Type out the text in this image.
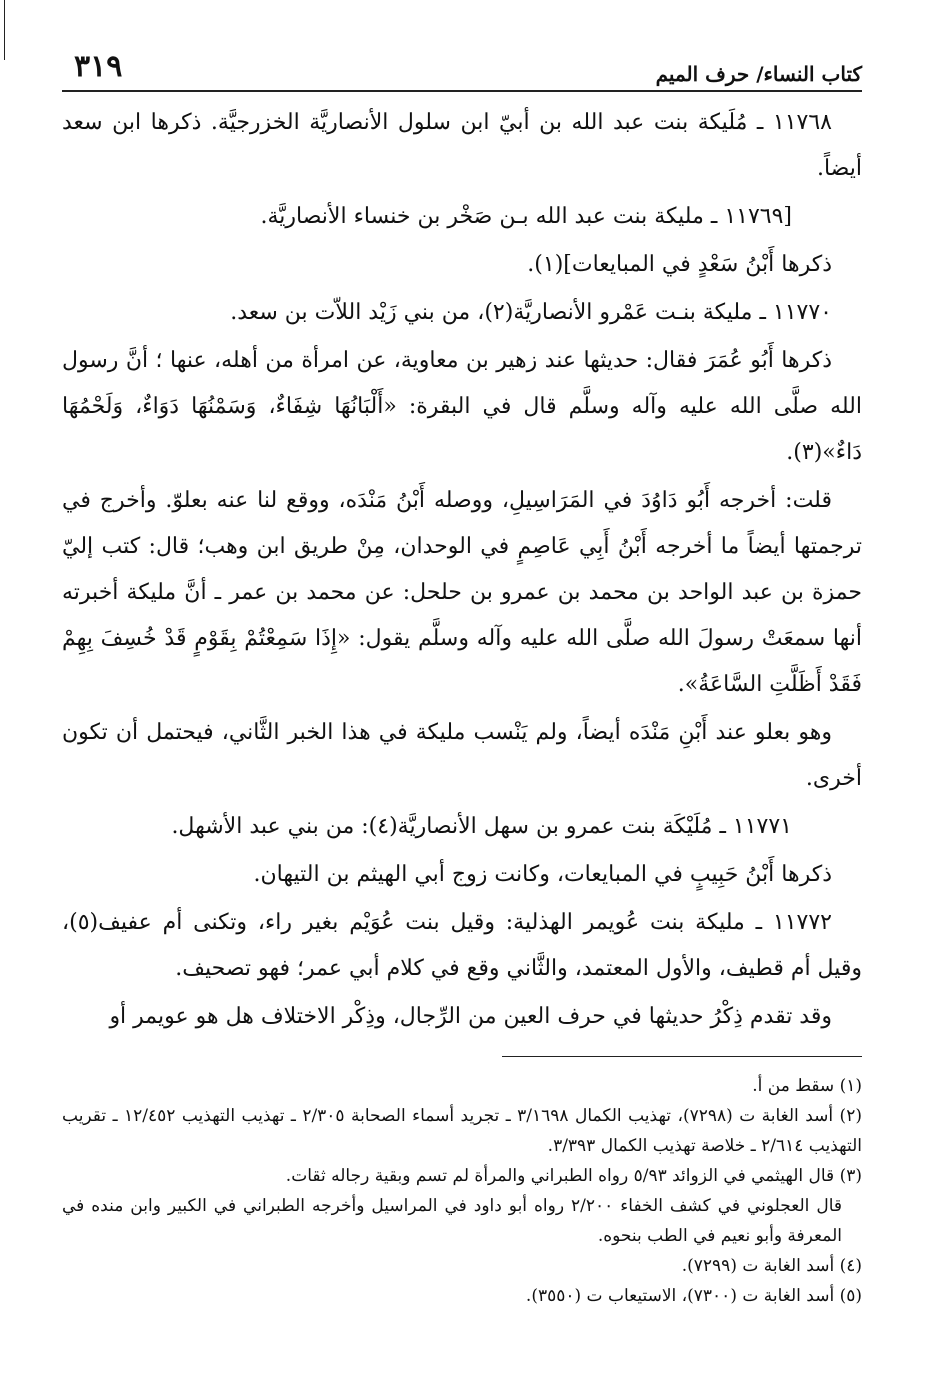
كتاب النساء/ حرف الميم
٣١٩

١١٧٦٨ ـ مُلَيكة بنت عبد الله بن أبيّ ابن سلول الأنصاريَّة الخزرجيَّة. ذكرها ابن سعد أيضاً.

[١١٧٦٩ ـ مليكة بنت عبد الله بـن صَخْر بن خنساء الأنصاريَّة.

ذكرها أَبْنُ سَعْدٍ في المبايعات](١).

١١٧٧٠ ـ مليكة بنـت عَمْرو الأنصاريَّة(٢)، من بني زَيْد اللاّت بن سعد.

ذكرها أَبُو عُمَرَ فقال: حديثها عند زهير بن معاوية، عن امرأة من أهله، عنها ؛ أنَّ رسول الله صلَّى الله عليه وآله وسلَّم قال في البقرة: «أَلْبَانُهَا شِفَاءٌ، وَسَمْنُهَا دَوَاءٌ، وَلَحْمُهَا دَاءٌ»(٣).

قلت: أخرجه أَبُو دَاوُدَ في المَرَاسِيلِ، ووصله أَبْنُ مَنْدَه، ووقع لنا عنه بعلوّ. وأخرج في ترجمتها أيضاً ما أخرجه أَبْنُ أَبِي عَاصِمٍ في الوحدان، مِنْ طريق ابن وهب؛ قال: كتب إليّ حمزة بن عبد الواحد بن محمد بن عمرو بن حلحل: عن محمد بن عمر ـ أنَّ مليكة أخبرته أنها سمعَتْ رسولَ الله صلَّى الله عليه وآله وسلَّم يقول: «إِذَا سَمِعْتُمْ بِقَوْمٍ قَدْ خُسِفَ بِهِمْ فَقَدْ أَظَلَّتِ السَّاعَةُ».

وهو بعلو عند أَبْنِ مَنْدَه أيضاً، ولم يَنْسب مليكة في هذا الخبر الثَّاني، فيحتمل أن تكون أخرى.

١١٧٧١ ـ مُلَيْكَة بنت عمرو بن سهل الأنصاريَّة(٤): من بني عبد الأشهل.

ذكرها أَبْنُ حَبِيبٍ في المبايعات، وكانت زوج أبي الهيثم بن التيهان.

١١٧٧٢ ـ مليكة بنت عُويمر الهذلية: وقيل بنت عُوَيْم بغير راء، وتكنى أم عفيف(٥)، وقيل أم قطيف، والأول المعتمد، والثَّاني وقع في كلام أبي عمر؛ فهو تصحيف.

وقد تقدم ذِكْرُ حديثها في حرف العين من الرِّجال، وذِكْر الاختلاف هل هو عويمر أو

(١) سقط من أ.

(٢) أسد الغابة ت (٧٢٩٨)، تهذيب الكمال ٣/١٦٩٨ ـ تجريد أسماء الصحابة ٢/٣٠٥ ـ تهذيب التهذيب ١٢/٤٥٢ ـ تقريب التهذيب ٢/٦١٤ ـ خلاصة تهذيب الكمال ٣/٣٩٣.

(٣) قال الهيثمي في الزوائد ٥/٩٣ رواه الطبراني والمرأة لم تسم وبقية رجاله ثقات.

قال العجلوني في كشف الخفاء ٢/٢٠٠ رواه أبو داود في المراسيل وأخرجه الطبراني في الكبير وابن منده في المعرفة وأبو نعيم في الطب بنحوه.

(٤) أسد الغابة ت (٧٢٩٩).

(٥) أسد الغابة ت (٧٣٠٠)، الاستيعاب ت (٣٥٥٠).
